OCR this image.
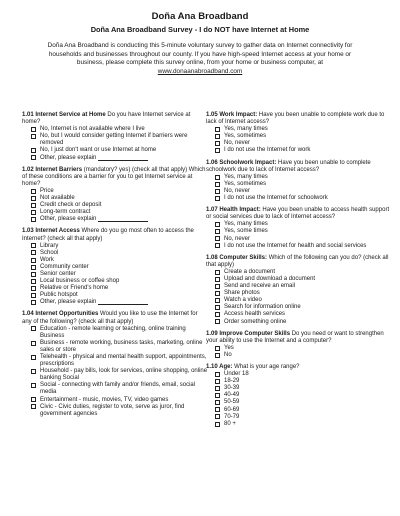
Doña Ana Broadband
Doña Ana Broadband Survey - I do NOT have Internet at Home
Doña Ana Broadband is conducting this 5-minute voluntary survey to gather data on Internet connectivity for households and businesses throughout our county. If you have high-speed Internet access at your home or business, please complete this survey online, from your home or business computer, at www.donaanabroadband.com
1.01 Internet Service at Home Do you have Internet service at home?
No, Internet is not available where I live
No, but I would consider getting Internet if barriers were removed
No, I just don't want or use Internet at home
Other, please explain
1.02 Internet Barriers (mandatory? yes) (check all that apply) Which of these conditions are a barrier for you to get Internet service at home?
Price
Not available
Credit check or deposit
Long-term contract
Other, please explain
1.03 Internet Access Where do you go most often to access the Internet? (check all that apply)
Library
School
Work
Community center
Senior center
Local business or coffee shop
Relative or Friend's home
Public hotspot
Other, please explain
1.04 Internet Opportunities Would you like to use the Internet for any of the following? (check all that apply)
Education - remote learning or teaching, online training Business
Business - remote working, business tasks, marketing, online sales or store
Telehealth - physical and mental health support, appointments, prescriptions
Household - pay bills, look for services, online shopping, online banking Social
Social - connecting with family and/or friends, email, social media
Entertainment - music, movies, TV, video games
Civic - Civic duties, register to vote, serve as juror, find government agencies
1.05 Work Impact: Have you been unable to complete work due to lack of Internet access?
Yes, many times
Yes, sometimes
No, never
I do not use the Internet for work
1.06 Schoolwork Impact: Have you been unable to complete schoolwork due to lack of Internet access?
Yes, many times
Yes, sometimes
No, never
I do not use the Internet for schoolwork
1.07 Health Impact: Have you been unable to access health support or social services due to lack of Internet access?
Yes, many times
Yes, some times
No, never
I do not use the Internet for health and social services
1.08 Computer Skills: Which of the following can you do? (check all that apply)
Create a document
Upload and download a document
Send and receive an email
Share photos
Watch a video
Search for information online
Access health services
Order something online
1.09 Improve Computer Skills Do you need or want to strengthen your ability to use the Internet and a computer?
Yes
No
1.10 Age: What is your age range?
Under 18
18-29
30-39
40-49
50-59
60-69
70-79
80 +
